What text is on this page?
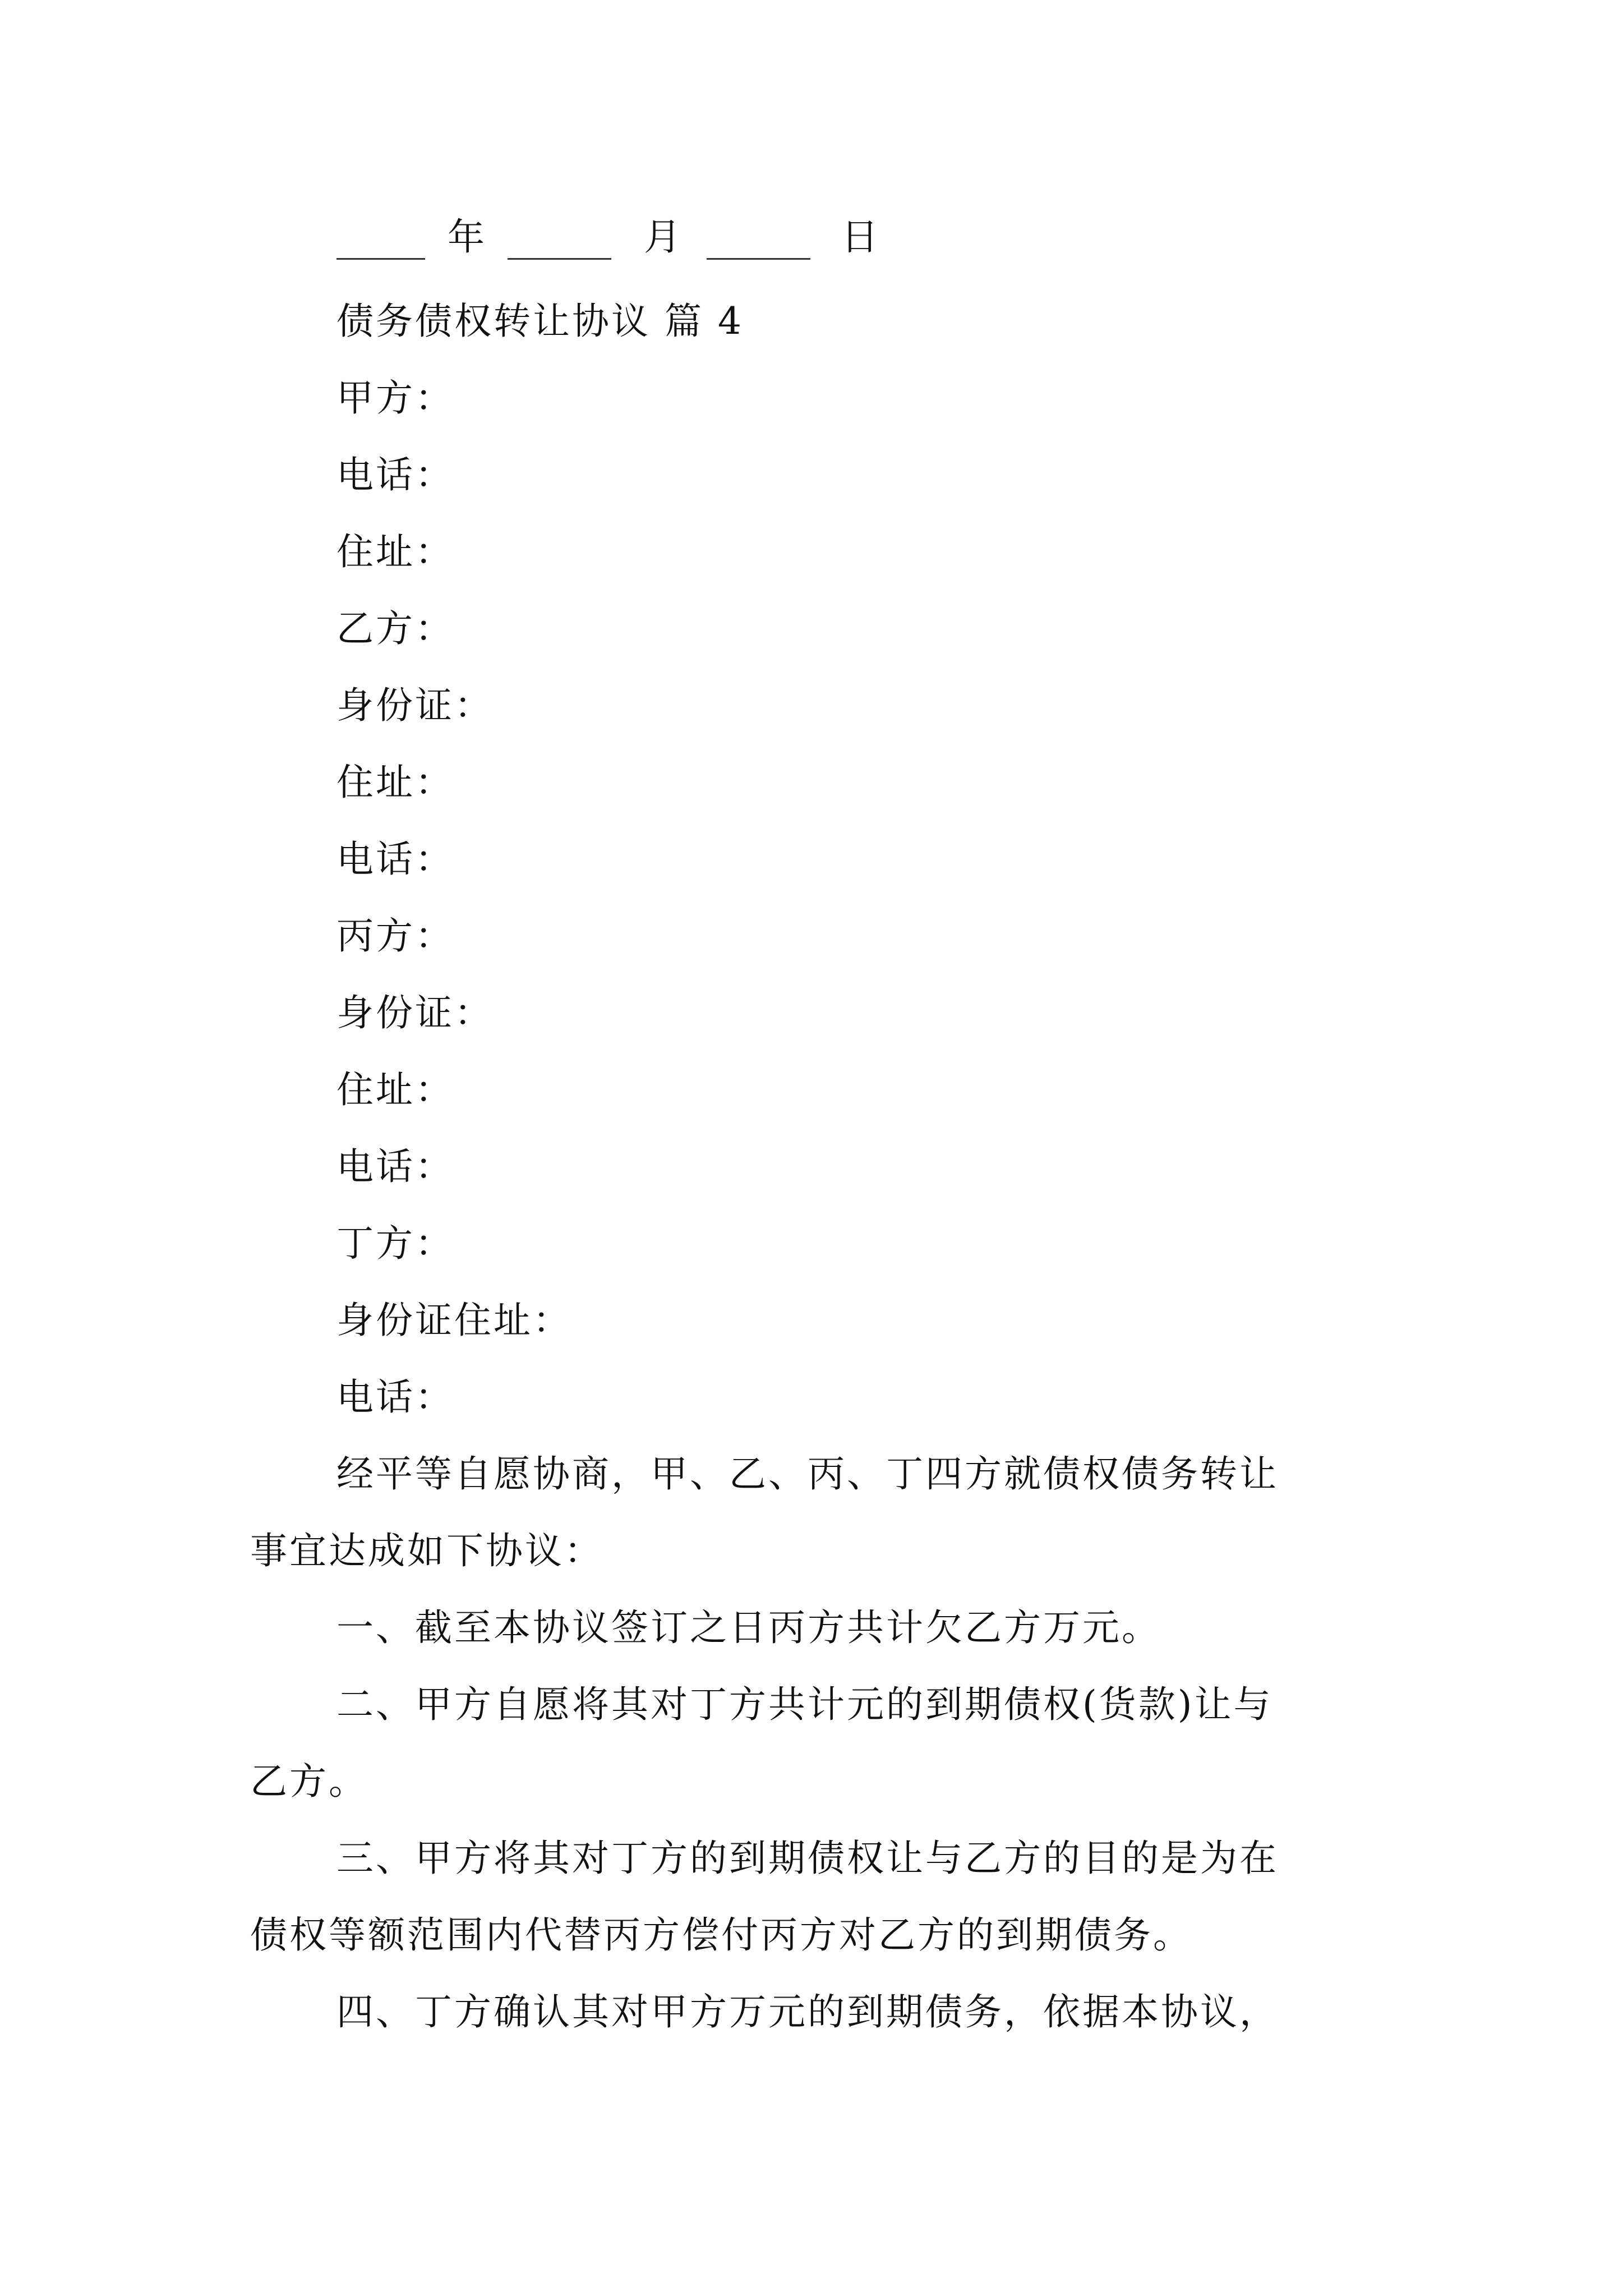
年	月	日
债务债权转让协议 篇 4
甲方：
电话：
住址：
乙方：
身份证：
住址：
电话：
丙方：
身份证：
住址：
电话：
丁方：
身份证住址：
电话：
经平等自愿协商，甲、乙、丙、丁四方就债权债务转让
事宜达成如下协议：
一、截至本协议签订之日丙方共计欠乙方万元。
二、甲方自愿将其对丁方共计元的到期债权(货款)让与
乙方。
三、甲方将其对丁方的到期债权让与乙方的目的是为在
债权等额范围内代替丙方偿付丙方对乙方的到期债务。
四、丁方确认其对甲方万元的到期债务，依据本协议，
